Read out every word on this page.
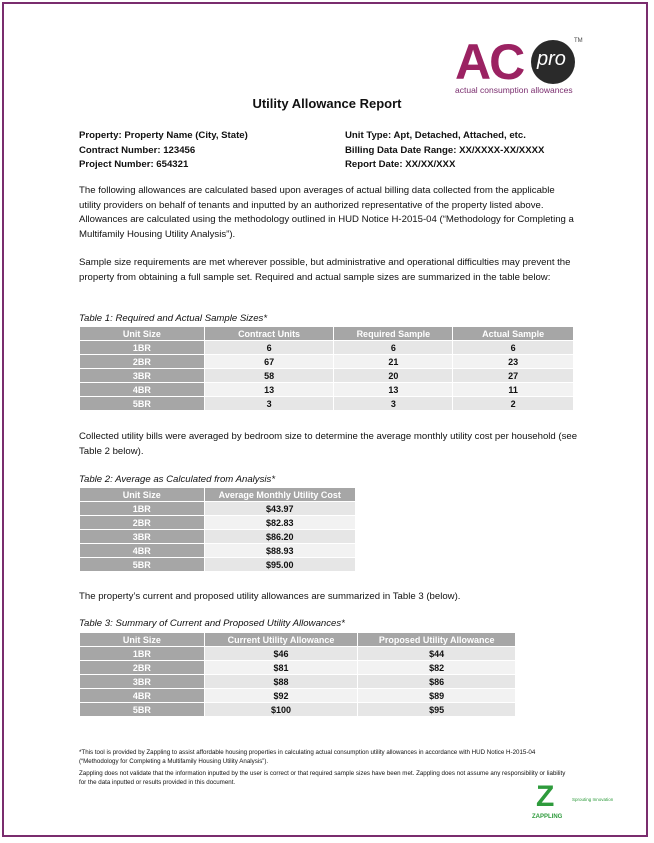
AC pro
TM
actual consumption allowances
Utility Allowance Report
Property: Property Name (City, State)
Contract Number: 123456
Project Number: 654321
Unit Type: Apt, Detached, Attached, etc.
Billing Data Date Range: XX/XXXX-XX/XXXX
Report Date: XX/XX/XXX
The following allowances are calculated based upon averages of actual billing data collected from the applicable utility providers on behalf of tenants and inputted by an authorized representative of the property listed above. Allowances are calculated using the methodology outlined in HUD Notice H-2015-04 (“Methodology for Completing a Multifamily Housing Utility Analysis”).
Sample size requirements are met wherever possible, but administrative and operational difficulties may prevent the property from obtaining a full sample set. Required and actual sample sizes are summarized in the table below:
Table 1: Required and Actual Sample Sizes*
Unit Size	Contract Units	Required Sample	Actual Sample
1BR	6	6	6
2BR	67	21	23
3BR	58	20	27
4BR	13	13	11
5BR	3	3	2
Collected utility bills were averaged by bedroom size to determine the average monthly utility cost per household (see Table 2 below).
Table 2: Average as Calculated from Analysis*
Unit Size	Average Monthly Utility Cost
1BR	$43.97
2BR	$82.83
3BR	$86.20
4BR	$88.93
5BR	$95.00
The property’s current and proposed utility allowances are summarized in Table 3 (below).
Table 3: Summary of Current and Proposed Utility Allowances*
Unit Size	Current Utility Allowance	Proposed Utility Allowance
1BR	$46	$44
2BR	$81	$82
3BR	$88	$86
4BR	$92	$89
5BR	$100	$95
*This tool is provided by Zappling to assist affordable housing properties in calculating actual consumption utility allowances in accordance with HUD Notice H-2015-04 (“Methodology for Completing a Multifamily Housing Utility Analysis”).
Zappling does not validate that the information inputted by the user is correct or that required sample sizes have been met. Zappling does not assume any responsibility or liability for the data inputted or results provided in this document.	Z
ZAPPLING
Sprouting Innovation
